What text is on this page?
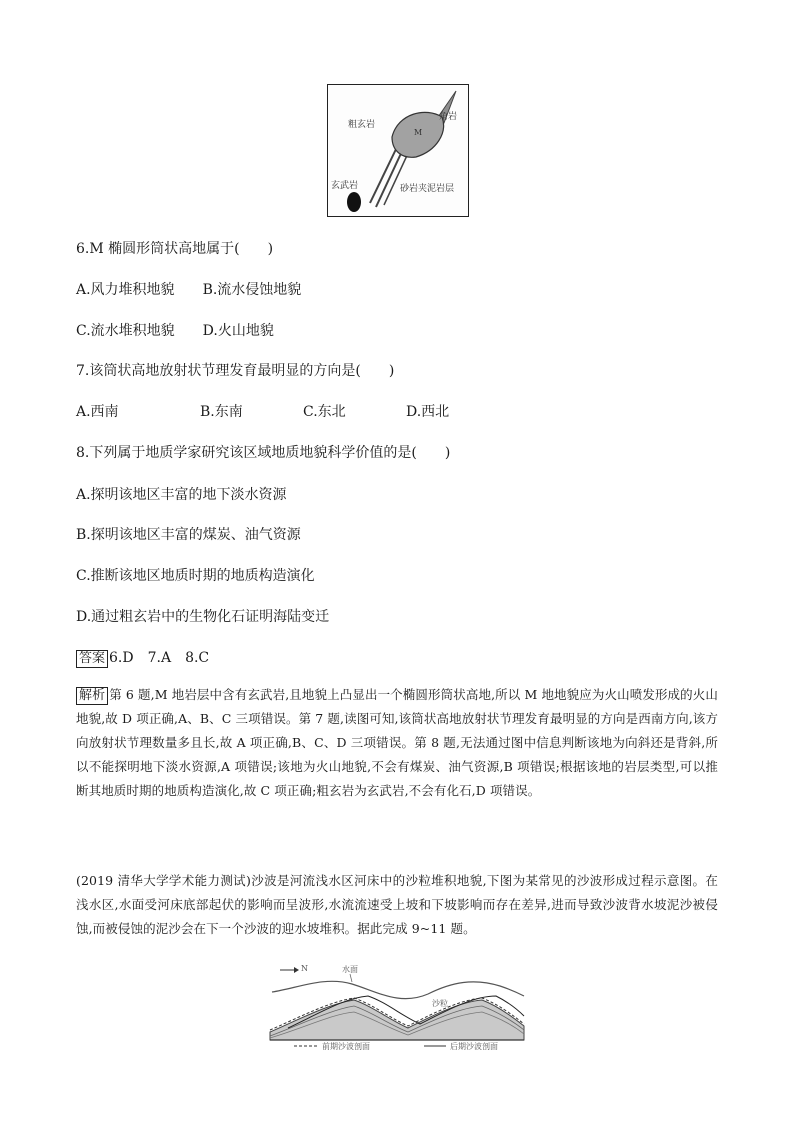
粗玄岩
角岩
M
玄武岩	砂岩夹泥岩层
6.M 椭圆形筒状高地属于(　　)
A.风力堆积地貌 B.流水侵蚀地貌
C.流水堆积地貌 D.火山地貌
7.该筒状高地放射状节理发育最明显的方向是(　　)
A.西南	B.东南	C.东北	D.西北
8.下列属于地质学家研究该区域地质地貌科学价值的是(　　)
A.探明该地区丰富的地下淡水资源
B.探明该地区丰富的煤炭、油气资源
C.推断该地区地质时期的地质构造演化
D.通过粗玄岩中的生物化石证明海陆变迁
答案 6.D　7.A　8.C
解析 第 6 题,M 地岩层中含有玄武岩,且地貌上凸显出一个椭圆形筒状高地,所以 M 地地貌应为火山喷发形成的火山地貌,故 D 项正确,A、B、C 三项错误。第 7 题,读图可知,该筒状高地放射状节理发育最明显的方向是西南方向,该方向放射状节理数量多且长,故 A 项正确,B、C、D 三项错误。第 8 题,无法通过图中信息判断该地为向斜还是背斜,所以不能探明地下淡水资源,A 项错误;该地为火山地貌,不会有煤炭、油气资源,B 项错误;根据该地的岩层类型,可以推断其地质时期的地质构造演化,故 C 项正确;粗玄岩为玄武岩,不会有化石,D 项错误。
(2019 清华大学学术能力测试)沙波是河流浅水区河床中的沙粒堆积地貌,下图为某常见的沙波形成过程示意图。在浅水区,水面受河床底部起伏的影响而呈波形,水流流速受上坡和下坡影响而存在差异,进而导致沙波背水坡泥沙被侵蚀,而被侵蚀的泥沙会在下一个沙波的迎水坡堆积。据此完成 9~11 题。
N	水面
沙粒
前期沙波剖面	后期沙波剖面
